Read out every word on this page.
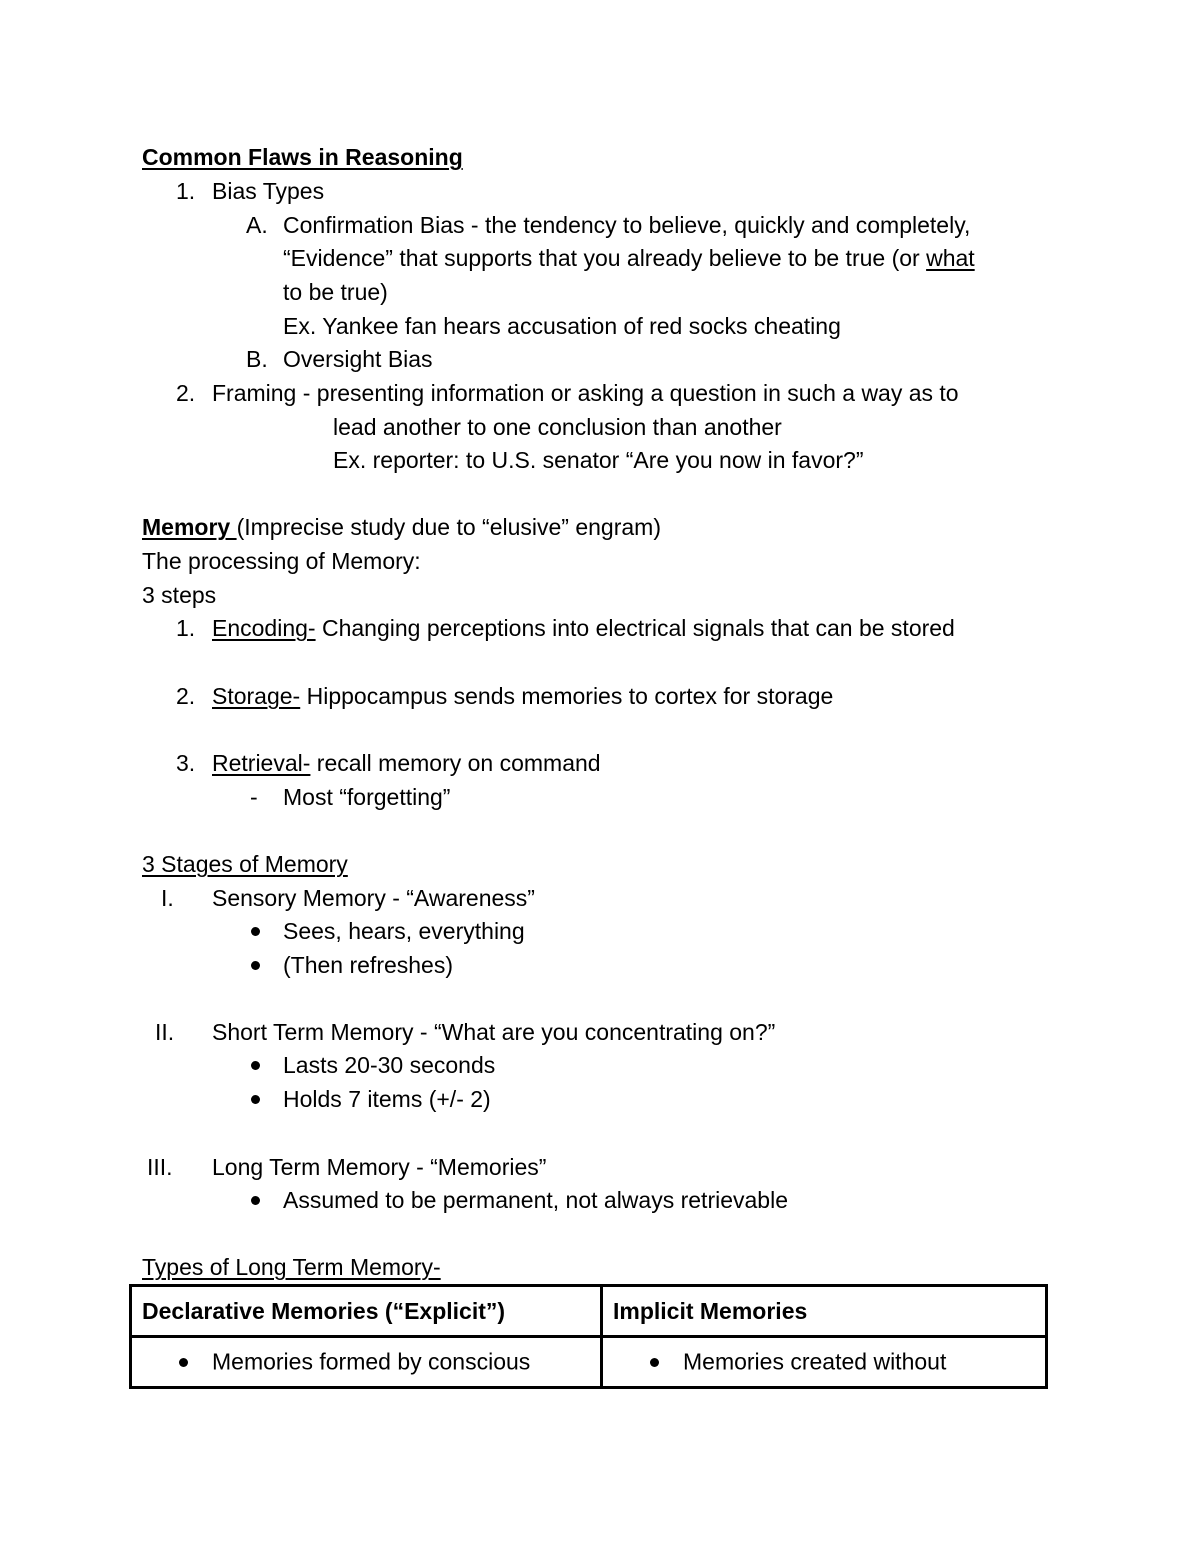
Common Flaws in Reasoning
1. Bias Types
A. Confirmation Bias - the tendency to believe, quickly and completely,
“Evidence” that supports that you already believe to be true (or what
to be true)
Ex. Yankee fan hears accusation of red socks cheating
B. Oversight Bias
2. Framing - presenting information or asking a question in such a way as to
lead another to one conclusion than another
Ex. reporter: to U.S. senator “Are you now in favor?”
Memory (Imprecise study due to “elusive” engram)
The processing of Memory:
3 steps
1. Encoding- Changing perceptions into electrical signals that can be stored
2. Storage- Hippocampus sends memories to cortex for storage
3. Retrieval- recall memory on command
- Most “forgetting”
3 Stages of Memory
I. Sensory Memory - “Awareness”
Sees, hears, everything
(Then refreshes)
II. Short Term Memory - “What are you concentrating on?”
Lasts 20-30 seconds
Holds 7 items (+/- 2)
III. Long Term Memory - “Memories”
Assumed to be permanent, not always retrievable
Types of Long Term Memory-
Declarative Memories (“Explicit”)	Implicit Memories

Memories formed by conscious	Memories created without
